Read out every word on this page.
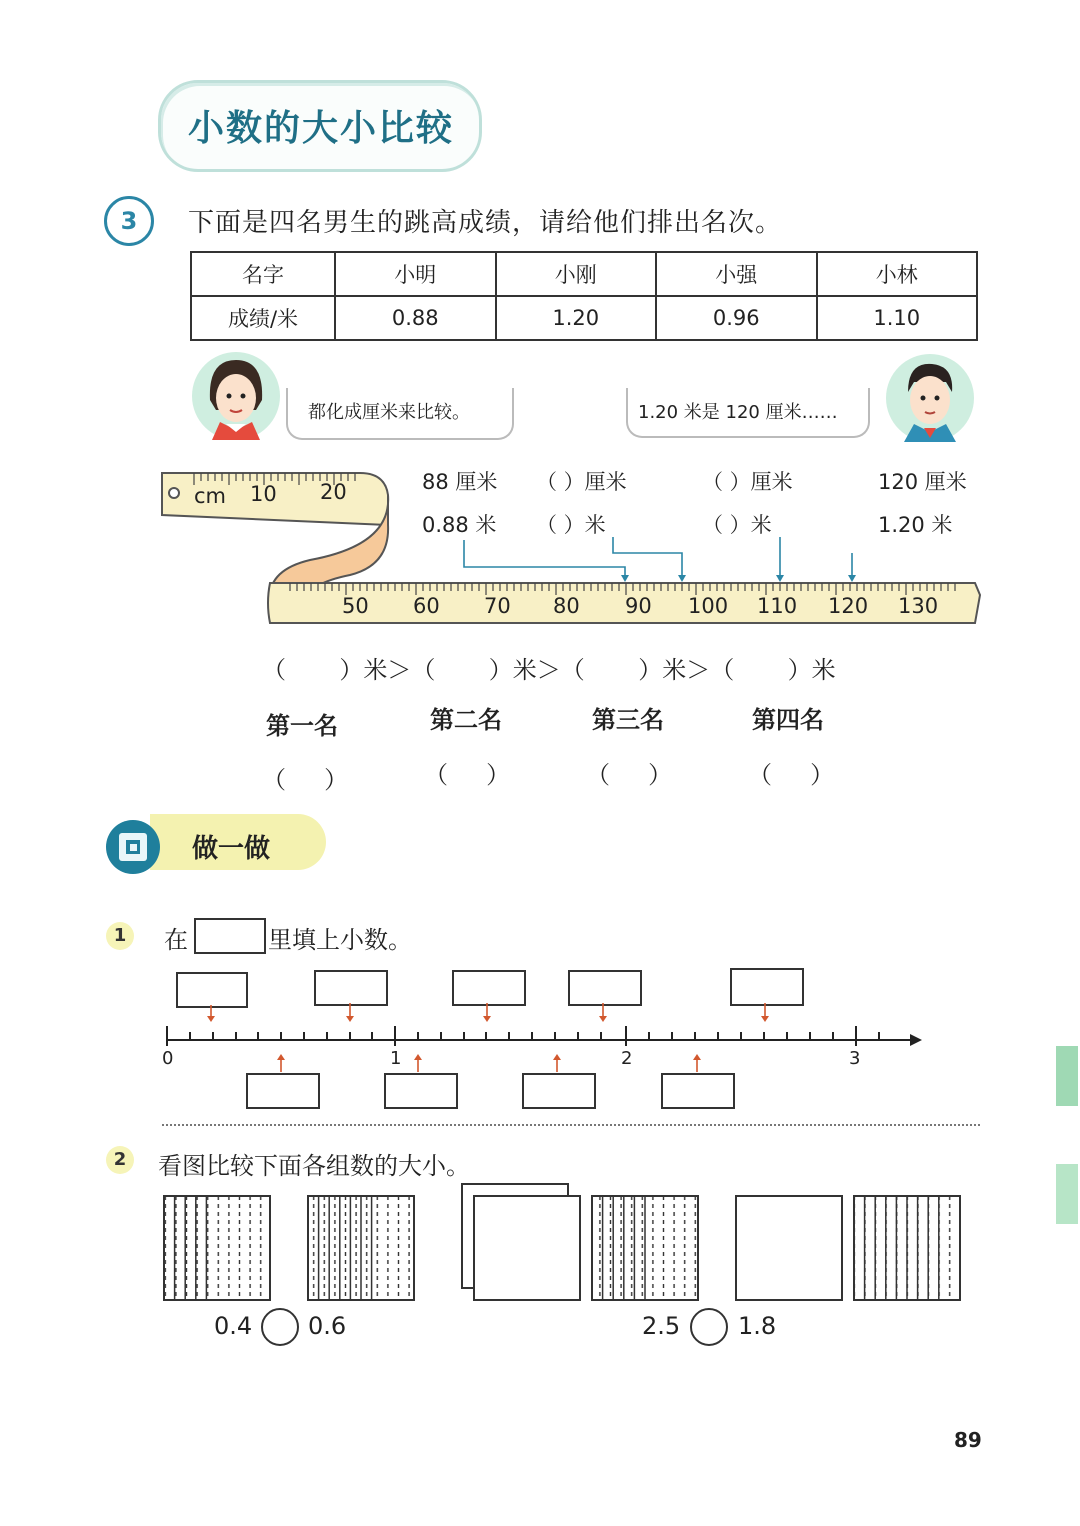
小数的大小比较
3	下面是四名男生的跳高成绩，请给他们排出名次。
名字	小明	小刚	小强	小林
成绩/米	0.88	1.20	0.96	1.10
都化成厘米来比较。	1.20 米是 120 厘米……
cm 10 20
50 60 70 80 90 100 110 120 130
88 厘米 （ ）厘米	（ ）厘米	120 厘米
0.88 米 （ ）米	（ ）米	1.20 米
（       ）米＞（       ）米＞（       ）米＞（       ）米
第一名	第二名	第三名	第四名
（     ）	（     ）	（     ）	（     ）
做一做
1	在	里填上小数。
0	1	2	3
2	看图比较下面各组数的大小。
0.4 0.6	2.5 1.8
89
